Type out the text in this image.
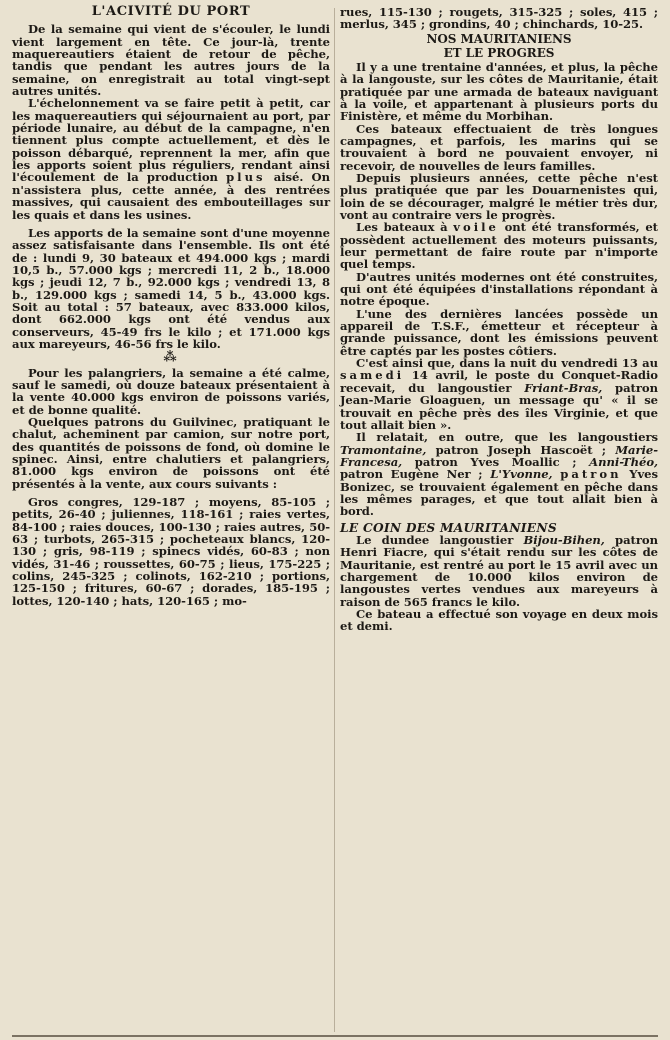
L'ACIVITÉ DU PORT

De la semaine qui vient de s'écouler, le lundi vient largement en tête. Ce jour-là, trente maquereautiers étaient de retour de pêche, tandis que pendant les autres jours de la semaine, on enregistrait au total vingt-sept autres unités.

L'échelonnement va se faire petit à petit, car les maquereautiers qui séjournaient au port, par période lunaire, au début de la campagne, n'en tiennent plus compte actuellement, et dès le poisson débarqué, reprennent la mer, afin que les apports soient plus réguliers, rendant ainsi l'écoulement de la production plus aisé. On n'assistera plus, cette année, à des rentrées massives, qui causaient des embouteillages sur les quais et dans les usines.

Les apports de la semaine sont d'une moyenne assez satisfaisante dans l'ensemble. Ils ont été de : lundi 9, 30 bateaux et 494.000 kgs ; mardi 10,5 b., 57.000 kgs ; mercredi 11, 2 b., 18.000 kgs ; jeudi 12, 7 b., 92.000 kgs ; vendredi 13, 8 b., 129.000 kgs ; samedi 14, 5 b., 43.000 kgs. Soit au total : 57 bateaux, avec 833.000 kilos, dont 662.000 kgs ont été vendus aux conserveurs, 45-49 frs le kilo ; et 171.000 kgs aux mareyeurs, 46-56 frs le kilo.

⁂

Pour les palangriers, la semaine a été calme, sauf le samedi, où douze bateaux présentaient à la vente 40.000 kgs environ de poissons variés, et de bonne qualité.

Quelques patrons du Guilvinec, pratiquant le chalut, acheminent par camion, sur notre port, des quantités de poissons de fond, où domine le spinec. Ainsi, entre chalutiers et palangriers, 81.000 kgs environ de poissons ont été présentés à la vente, aux cours suivants :

Gros congres, 129-187 ; moyens, 85-105 ; petits, 26-40 ; juliennes, 118-161 ; raies vertes, 84-100 ; raies douces, 100-130 ; raies autres, 50-63 ; turbots, 265-315 ; pocheteaux blancs, 120-130 ; gris, 98-119 ; spinecs vidés, 60-83 ; non vidés, 31-46 ; roussettes, 60-75 ; lieus, 175-225 ; colins, 245-325 ; colinots, 162-210 ; portions, 125-150 ; fritures, 60-67 ; dorades, 185-195 ; lottes, 120-140 ; hats, 120-165 ; mo-

rues, 115-130 ; rougets, 315-325 ; soles, 415 ; merlus, 345 ; grondins, 40 ; chinchards, 10-25.

NOS MAURITANIENS
ET LE PROGRES

Il y a une trentaine d'années, et plus, la pêche à la langouste, sur les côtes de Mauritanie, était pratiquée par une armada de bateaux naviguant à la voile, et appartenant à plusieurs ports du Finistère, et même du Morbihan.

Ces bateaux effectuaient de très longues campagnes, et parfois, les marins qui se trouvaient à bord ne pouvaient envoyer, ni recevoir, de nouvelles de leurs familles.

Depuis plusieurs années, cette pêche n'est plus pratiquée que par les Douarnenistes qui, loin de se décourager, malgré le métier très dur, vont au contraire vers le progrès.

Les bateaux à voile ont été transformés, et possèdent actuellement des moteurs puissants, leur permettant de faire route par n'importe quel temps.

D'autres unités modernes ont été construites, qui ont été équipées d'installations répondant à notre époque.

L'une des dernières lancées possède un appareil de T.S.F., émetteur et récepteur à grande puissance, dont les émissions peuvent être captés par les postes côtiers.

C'est ainsi que, dans la nuit du vendredi 13 au samedi 14 avril, le poste du Conquet-Radio recevait, du langoustier Friant-Bras, patron Jean-Marie Gloaguen, un message qu' « il se trouvait en pêche près des îles Virginie, et que tout allait bien ».

Il relatait, en outre, que les langoustiers Tramontaine, patron Joseph Hascoët ; Marie-Francesa, patron Yves Moallic ; Anni-Théo, patron Eugène Ner ; L'Yvonne, patron Yves Bonizec, se trouvaient également en pêche dans les mêmes parages, et que tout allait bien à bord.

LE COIN DES MAURITANIENS

Le dundee langoustier Bijou-Bihen, patron Henri Fiacre, qui s'était rendu sur les côtes de Mauritanie, est rentré au port le 15 avril avec un chargement de 10.000 kilos environ de langoustes vertes vendues aux mareyeurs à raison de 565 francs le kilo.

Ce bateau a effectué son voyage en deux mois et demi.
